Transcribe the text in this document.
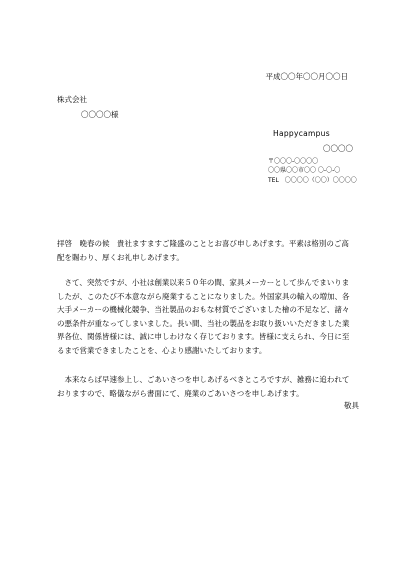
平成〇〇年〇〇月〇〇日
株式会社
〇〇〇〇様
Happycampus
〇〇〇〇
〒〇〇〇-〇〇〇〇
〇〇県〇〇市〇〇 〇-〇-〇
TEL　〇〇〇〇（〇〇）〇〇〇〇

拝啓　晩春の候　貴社ますますご隆盛のこととお喜び申しあげます。平素は格別のご高配を賜わり、厚くお礼申しあげます。

さて、突然ですが、小社は創業以来５０年の間、家具メーカーとして歩んでまいりましたが、このたび不本意ながら廃業することになりました。外国家具の輸入の増加、各大手メーカーの機械化競争、当社製品のおもな材質でございました檜の不足など、諸々の悪条件が重なってしまいました。長い間、当社の製品をお取り扱いいただきました業界各位、関係皆様には、誠に申しわけなく存じております。皆様に支えられ、今日に至るまで営業できましたことを、心より感謝いたしております。

本来ならば早速参上し、ごあいさつを申しあげるべきところですが、雑務に追われておりますので、略儀ながら書面にて、廃業のごあいさつを申しあげます。

敬具
